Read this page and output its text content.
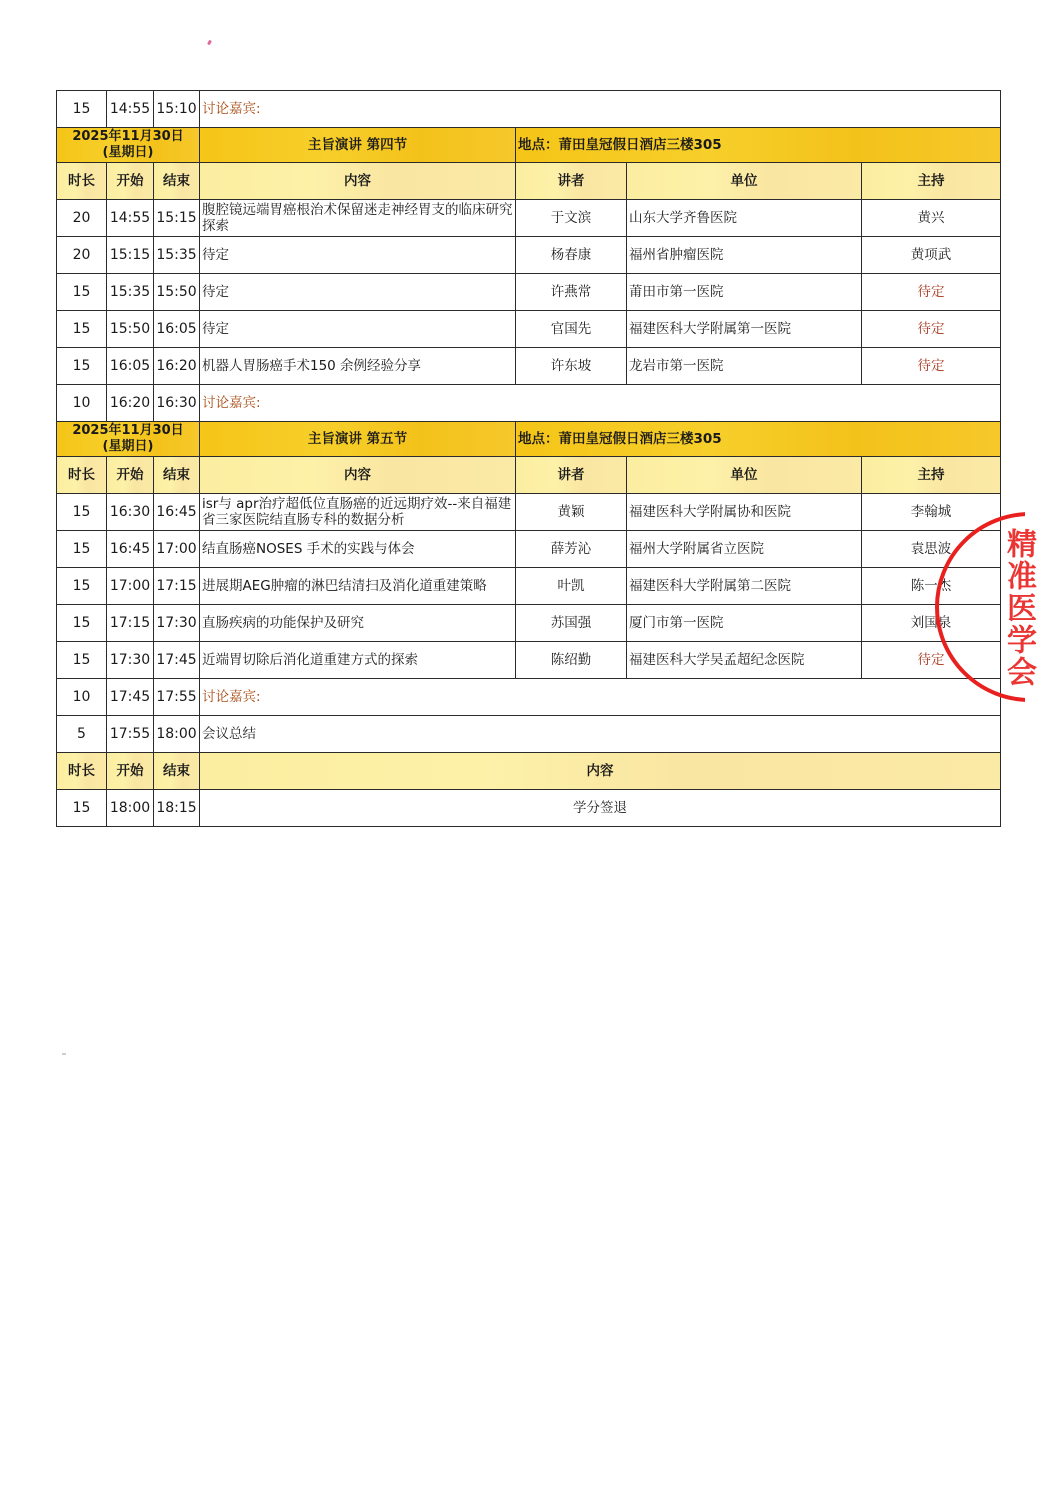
15	14:55	15:10	讨论嘉宾:			

2025年11月30日
(星期日)			主旨演讲 第四节	地点：莆田皇冠假日酒店三楼305		
时长	开始	结束	内容	讲者	单位	主持
20	14:55	15:15	腹腔镜远端胃癌根治术保留迷走神经胃支的临床研究探索	于文滨	山东大学齐鲁医院	黄兴
20	15:15	15:35	待定	杨春康	福州省肿瘤医院	黄项武
15	15:35	15:50	待定	许燕常	莆田市第一医院	待定
15	15:50	16:05	待定	官国先	福建医科大学附属第一医院	待定
15	16:05	16:20	机器人胃肠癌手术150 余例经验分享	许东坡	龙岩市第一医院	待定
10	16:20	16:30	讨论嘉宾:			

2025年11月30日
(星期日)			主旨演讲 第五节	地点：莆田皇冠假日酒店三楼305		
时长	开始	结束	内容	讲者	单位	主持
15	16:30	16:45	isr与 apr治疗超低位直肠癌的近远期疗效--来自福建省三家医院结直肠专科的数据分析	黄颖	福建医科大学附属协和医院	李翰城
15	16:45	17:00	结直肠癌NOSES 手术的实践与体会	薛芳沁	福州大学附属省立医院	袁思波
15	17:00	17:15	进展期AEG肿瘤的淋巴结清扫及消化道重建策略	叶凯	福建医科大学附属第二医院	陈一杰
15	17:15	17:30	直肠疾病的功能保护及研究	苏国强	厦门市第一医院	刘国泉
15	17:30	17:45	近端胃切除后消化道重建方式的探索	陈绍勤	福建医科大学吴孟超纪念医院	待定
10	17:45	17:55	讨论嘉宾:			
5	17:55	18:00	会议总结			
时长	开始	结束	内容			
15	18:00	18:15	学分签退			
精准医学会
